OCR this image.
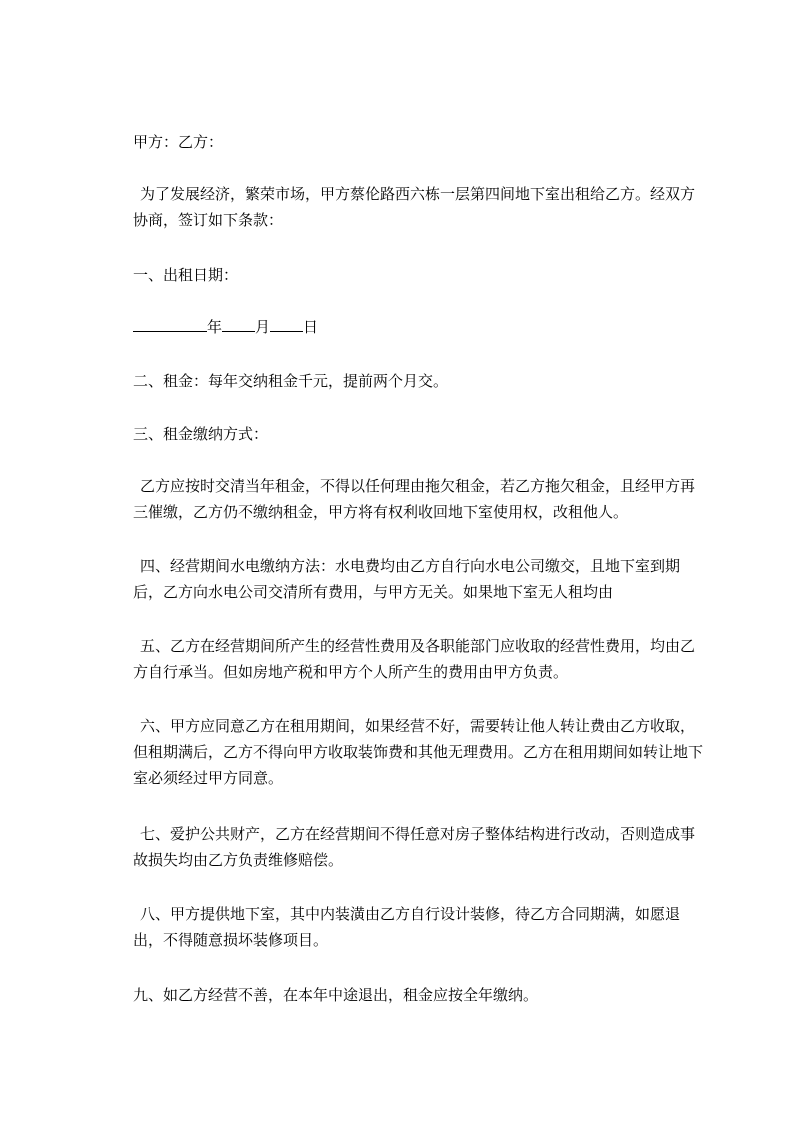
甲方：乙方：

为了发展经济，繁荣市场，甲方蔡伦路西六栋一层第四间地下室出租给乙方。经双方协商，签订如下条款：

一、出租日期：

年 月 日

二、租金：每年交纳租金千元，提前两个月交。

三、租金缴纳方式：

乙方应按时交清当年租金，不得以任何理由拖欠租金，若乙方拖欠租金，且经甲方再三催缴，乙方仍不缴纳租金，甲方将有权利收回地下室使用权，改租他人。

四、经营期间水电缴纳方法：水电费均由乙方自行向水电公司缴交，且地下室到期后，乙方向水电公司交清所有费用，与甲方无关。如果地下室无人租均由

五、乙方在经营期间所产生的经营性费用及各职能部门应收取的经营性费用，均由乙方自行承当。但如房地产税和甲方个人所产生的费用由甲方负责。

六、甲方应同意乙方在租用期间，如果经营不好，需要转让他人转让费由乙方收取，但租期满后，乙方不得向甲方收取装饰费和其他无理费用。乙方在租用期间如转让地下室必须经过甲方同意。

七、爱护公共财产，乙方在经营期间不得任意对房子整体结构进行改动，否则造成事故损失均由乙方负责维修赔偿。

八、甲方提供地下室，其中内装潢由乙方自行设计装修，待乙方合同期满，如愿退出，不得随意损坏装修项目。

九、如乙方经营不善，在本年中途退出，租金应按全年缴纳。
